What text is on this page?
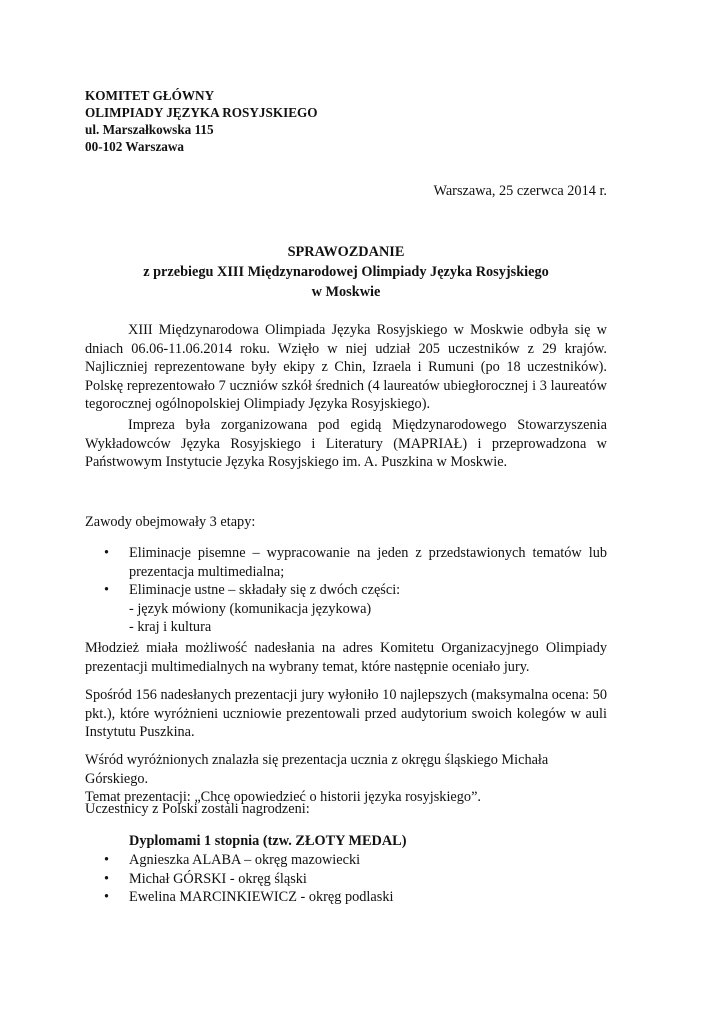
KOMITET GŁÓWNY
OLIMPIADY JĘZYKA ROSYJSKIEGO
ul. Marszałkowska 115
00-102 Warszawa
Warszawa, 25 czerwca 2014 r.
SPRAWOZDANIE
z przebiegu XIII Międzynarodowej Olimpiady Języka Rosyjskiego
w Moskwie

XIII Międzynarodowa Olimpiada Języka Rosyjskiego w Moskwie odbyła się w dniach 06.06-11.06.2014 roku. Wzięło w niej udział 205 uczestników z 29 krajów. Najliczniej reprezentowane były ekipy z Chin, Izraela i Rumuni (po 18 uczestników). Polskę reprezentowało 7 uczniów szkół średnich (4 laureatów ubiegłorocznej i 3 laureatów tegorocznej ogólnopolskiej Olimpiady Języka Rosyjskiego).

Impreza była zorganizowana pod egidą Międzynarodowego Stowarzyszenia Wykładowców Języka Rosyjskiego i Literatury (MAPRIAŁ) i przeprowadzona w Państwowym Instytucie Języka Rosyjskiego im. A. Puszkina w Moskwie.

Zawody obejmowały 3 etapy:

• Eliminacje pisemne – wypracowanie na jeden z przedstawionych tematów lub prezentacja multimedialna;
• Eliminacje ustne – składały się z dwóch części:
- język mówiony (komunikacja językowa)
- kraj i kultura

Młodzież miała możliwość nadesłania na adres Komitetu Organizacyjnego Olimpiady prezentacji multimedialnych na wybrany temat, które następnie oceniało jury.

Spośród 156 nadesłanych prezentacji jury wyłoniło 10 najlepszych (maksymalna ocena: 50 pkt.), które wyróżnieni uczniowie prezentowali przed audytorium swoich kolegów w auli Instytutu Puszkina.

Wśród wyróżnionych znalazła się prezentacja ucznia z okręgu śląskiego Michała Górskiego.
Temat prezentacji: „Chcę opowiedzieć o historii języka rosyjskiego”.

Uczestnicy z Polski zostali nagrodzeni:

Dyplomami 1 stopnia (tzw. ZŁOTY MEDAL)
• Agnieszka ALABA – okręg mazowiecki
• Michał GÓRSKI - okręg śląski
• Ewelina MARCINKIEWICZ - okręg podlaski
